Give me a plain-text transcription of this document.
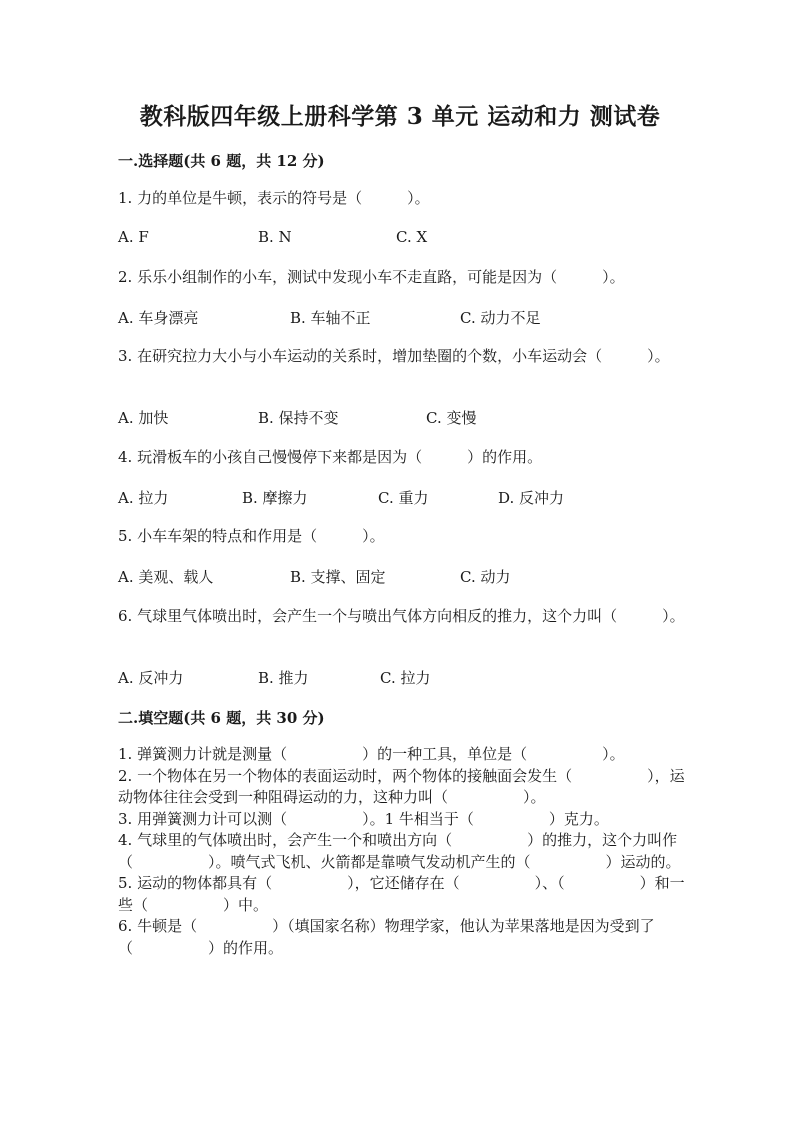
教科版四年级上册科学第 3 单元 运动和力 测试卷
一.选择题(共 6 题，共 12 分)
1. 力的单位是牛顿，表示的符号是（　　　）。
A. F	B. N	C. X
2. 乐乐小组制作的小车，测试中发现小车不走直路，可能是因为（　　　）。
A. 车身漂亮	B. 车轴不正	C. 动力不足
3. 在研究拉力大小与小车运动的关系时，增加垫圈的个数，小车运动会（　　　）。
A. 加快	B. 保持不变	C. 变慢
4. 玩滑板车的小孩自己慢慢停下来都是因为（　　　）的作用。
A. 拉力	B. 摩擦力	C. 重力	D. 反冲力
5. 小车车架的特点和作用是（　　　）。
A. 美观、载人	B. 支撑、固定	C. 动力
6. 气球里气体喷出时，会产生一个与喷出气体方向相反的推力，这个力叫（　　　）。
A. 反冲力	B. 推力	C. 拉力
二.填空题(共 6 题，共 30 分)

1. 弹簧测力计就是测量（　　　　　）的一种工具，单位是（　　　　　）。

2. 一个物体在另一个物体的表面运动时，两个物体的接触面会发生（　　　　　），运动物体往往会受到一种阻碍运动的力，这种力叫（　　　　　）。

3. 用弹簧测力计可以测（　　　　　）。1 牛相当于（　　　　　）克力。

4. 气球里的气体喷出时，会产生一个和喷出方向（　　　　　）的推力，这个力叫作（　　　　　）。喷气式飞机、火箭都是靠喷气发动机产生的（　　　　　）运动的。

5. 运动的物体都具有（　　　　　），它还储存在（　　　　　）、（　　　　　）和一些（　　　　　）中。

6. 牛顿是（　　　　　）（填国家名称）物理学家，他认为苹果落地是因为受到了（　　　　　）的作用。
